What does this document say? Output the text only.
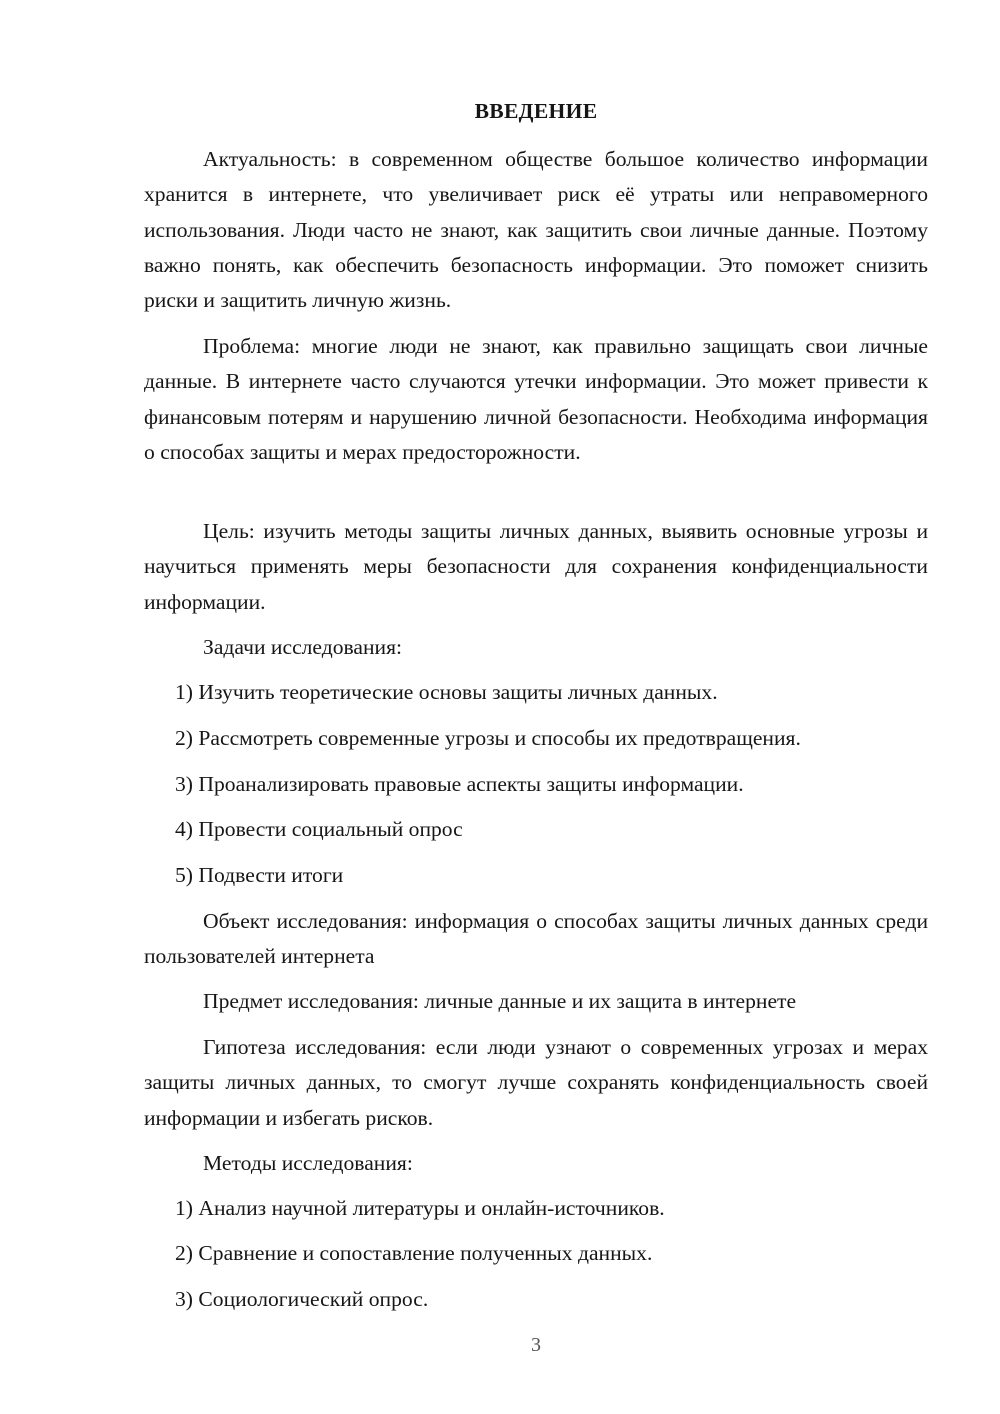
ВВЕДЕНИЕ

Актуальность: в современном обществе большое количество информации хранится в интернете, что увеличивает риск её утраты или неправомерного использования. Люди часто не знают, как защитить свои личные данные. Поэтому важно понять, как обеспечить безопасность информации. Это поможет снизить риски и защитить личную жизнь.

Проблема: многие люди не знают, как правильно защищать свои личные данные. В интернете часто случаются утечки информации. Это может привести к финансовым потерям и нарушению личной безопасности. Необходима информация о способах защиты и мерах предосторожности.

Цель: изучить методы защиты личных данных, выявить основные угрозы и научиться применять меры безопасности для сохранения конфиденциальности информации.

Задачи исследования:

1) Изучить теоретические основы защиты личных данных.

2) Рассмотреть современные угрозы и способы их предотвращения.

3) Проанализировать правовые аспекты защиты информации.

4) Провести социальный опрос

5) Подвести итоги

Объект исследования: информация о способах защиты личных данных среди пользователей интернета

Предмет исследования: личные данные и их защита в интернете

Гипотеза исследования: если люди узнают о современных угрозах и мерах защиты личных данных, то смогут лучше сохранять конфиденциальность своей информации и избегать рисков.

Методы исследования:

1) Анализ научной литературы и онлайн-источников.

2) Сравнение и сопоставление полученных данных.

3) Социологический опрос.

3
